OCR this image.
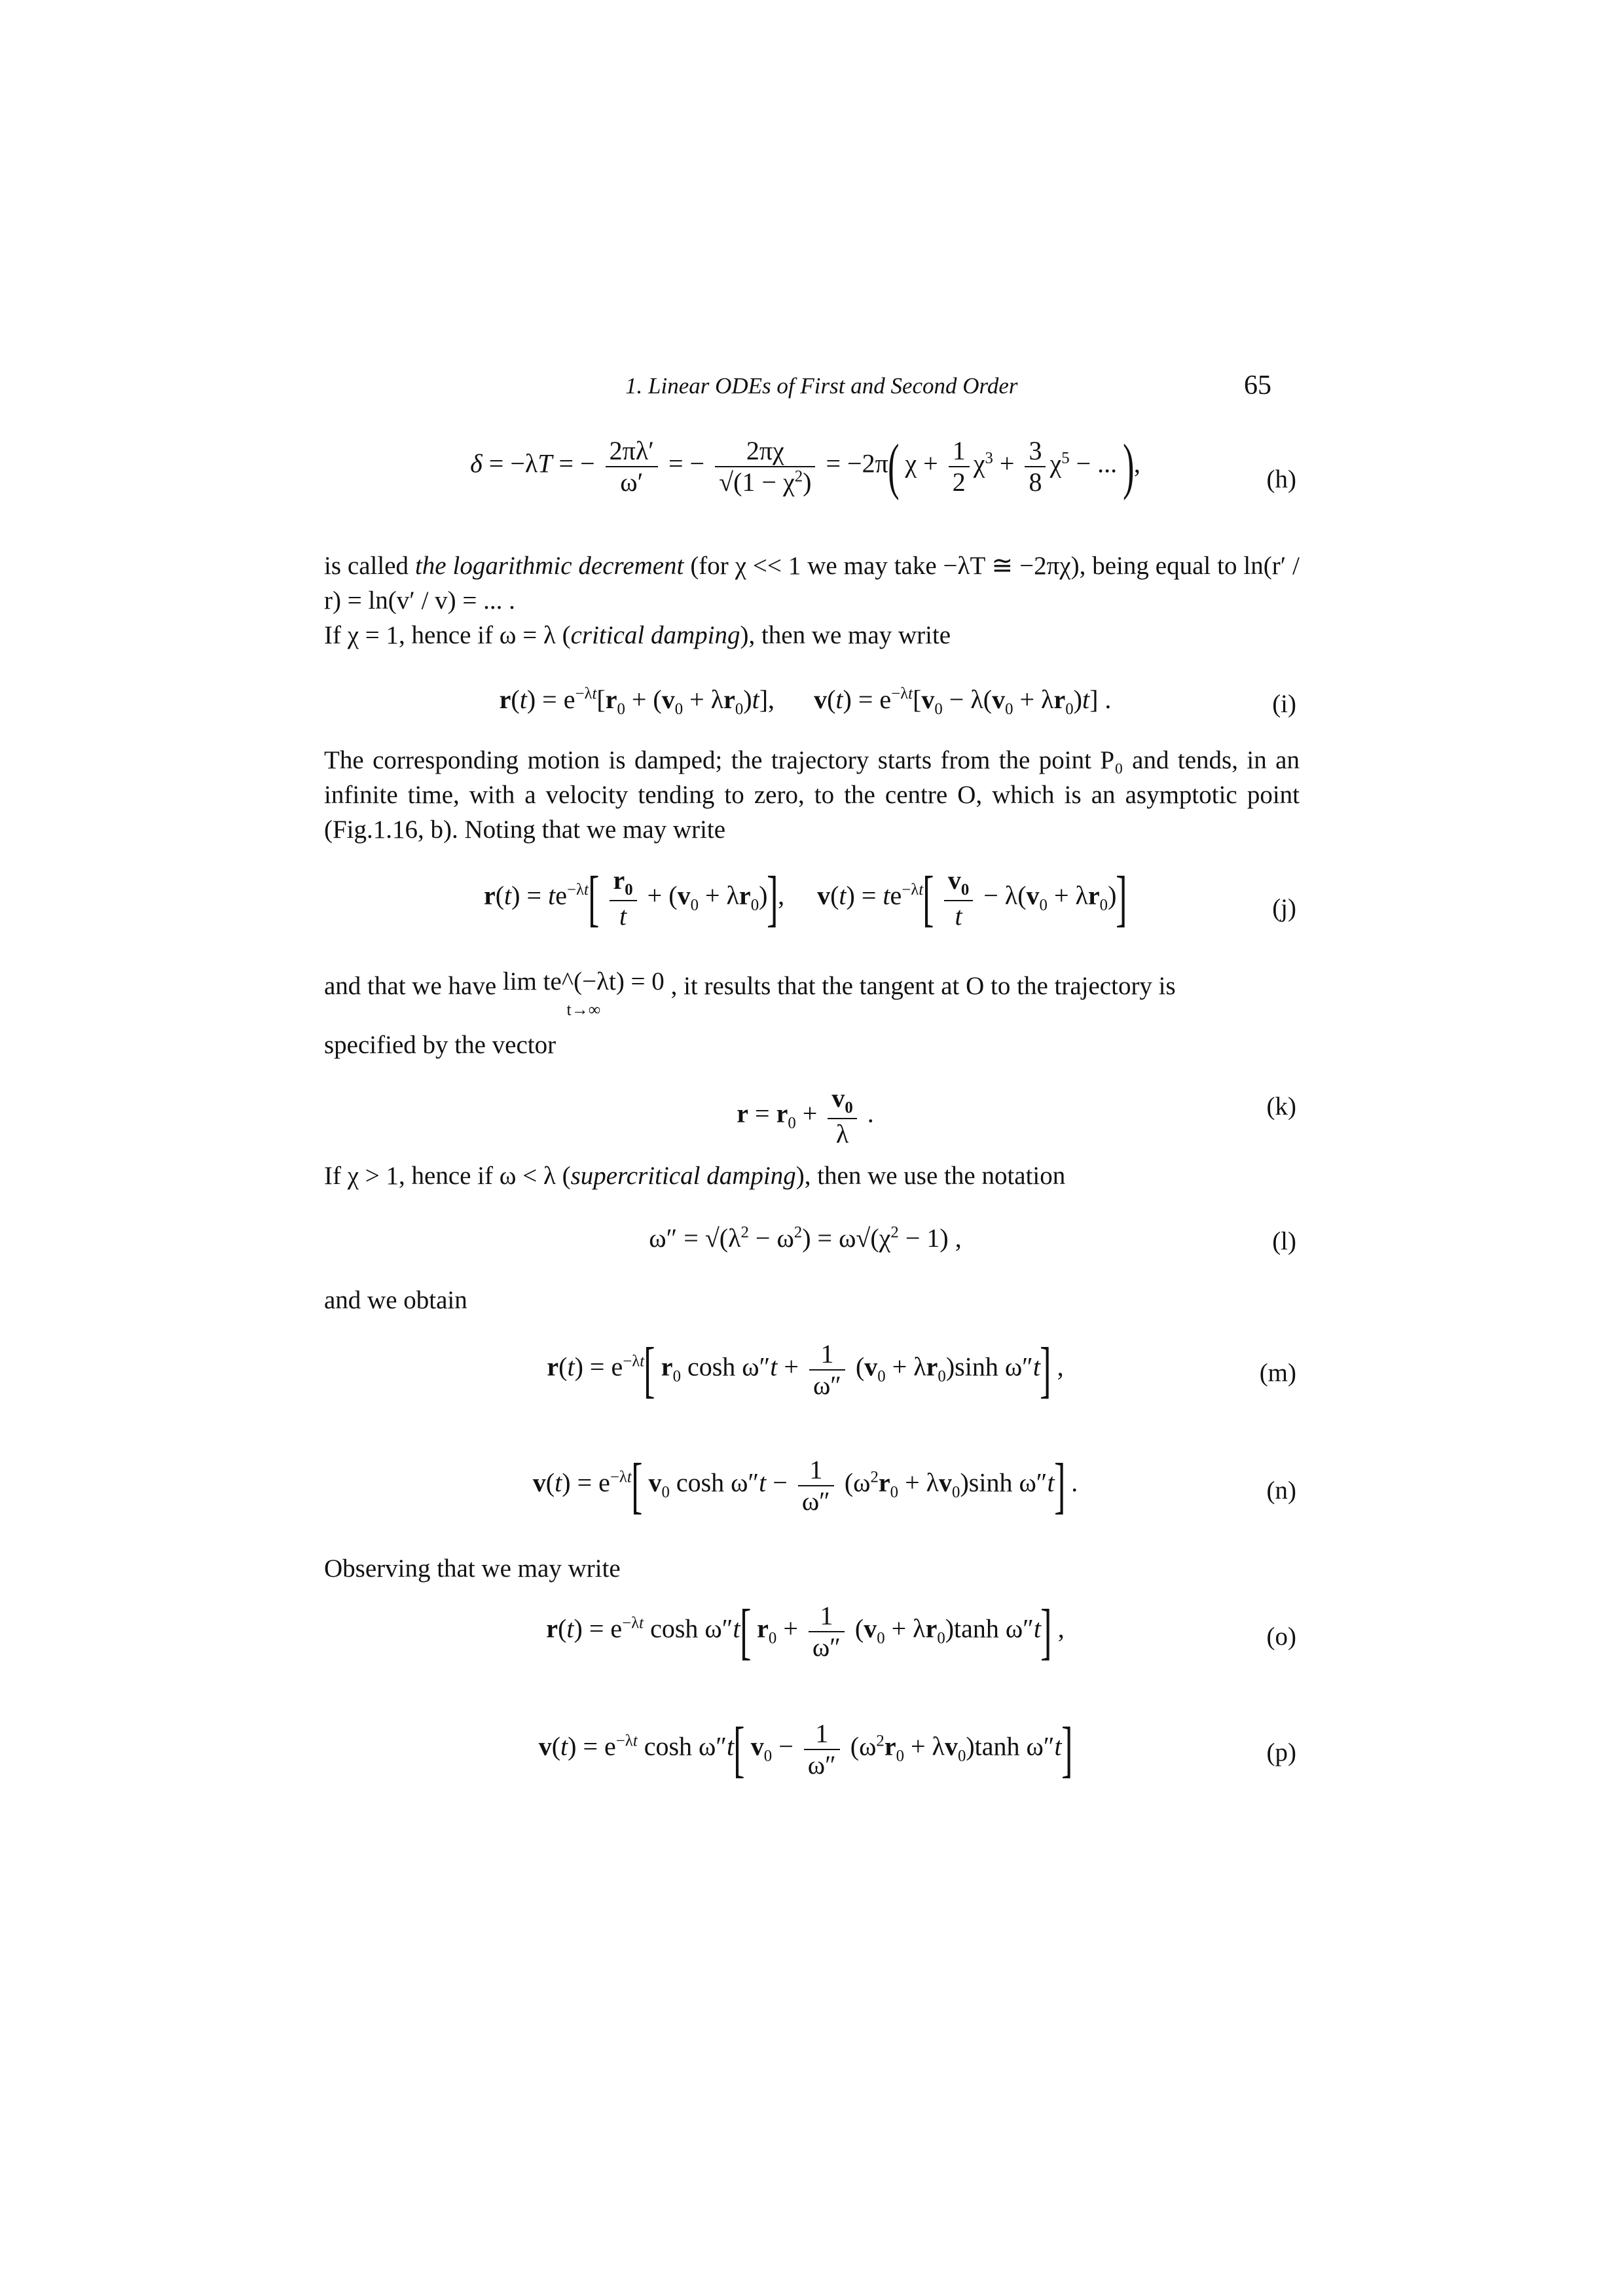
1. Linear ODEs of First and Second Order	65
δ = −λT = − $\frac{2\pi\lambda'}{\omega'}$ = − $\frac{2\pi\chi}{√(1 - \chi^2)} = -2\pi$( $\chi + \frac{1}{2} \chi^3 + \frac{3}{8} \chi^5$ − ... ),
(h)

is called the logarithmic decrement (for χ << 1 we may take −λT ≅ −2πχ), being equal to ln(r′ / r) = ln(v′ / v) = ... .

If χ = 1, hence if ω = λ (critical damping), then we may write

$r(t) = e^{-\lambda t}[r_0 + (v_0 + \lambda r_0)t]$,      $v(t) = e^{-\lambda t}[v_0 - \lambda(v_0 + \lambda r_0)t]$ .	(i)

The corresponding motion is damped; the trajectory starts from the point P₀ and tends, in an infinite time, with a velocity tending to zero, to the centre O, which is an asymptotic point (Fig.1.16, b). Noting that we may write

$r(t) = te^{-\lambda t}[ \frac{r_0}{t} + (v_0 + \lambda r_0)]$,     $v(t) = te^{-\lambda t}[ \frac{v_0}{t} - \lambda(v_0 + \lambda r_0)]$	(j)

and that we have lim te^(−λt) = 0
t→∞ , it results that the tangent at O to the trajectory is

specified by the vector

$r = r_0 + \frac{v_0}{\lambda}$ .	(k)

If χ > 1, hence if ω < λ (supercritical damping), then we use the notation

$\omega'' = √(\lambda^2 - \omega^2) = \omega√(\chi^2 - 1)$ ,	(l)

and we obtain

$r(t) = e^{-\lambda t}$[ $r_0$ $\cosh \omega''t + \frac{1}{\omega''} (v_0 + \lambda r_0)\sinh$ ω″t] ,	(m)
$v(t) = e^{-\lambda t}$[ $v_0$ $\cosh \omega''t - \frac{1}{\omega''} (\omega^2r_0 + \lambda v_0)\sinh$ ω″t] .	(n)

Observing that we may write

$r(t) = e^{-\lambda t}$ cosh ω″t[ $r_0 + \frac{1}{\omega''} (v_0 + \lambda r_0)\tanh$ ω″t] ,	(o)
$v(t) = e^{-\lambda t}$ cosh ω″t[ $v_0 - \frac{1}{\omega''} (\omega^2r_0 + \lambda v_0)\tanh$ ω″t]	(p)
